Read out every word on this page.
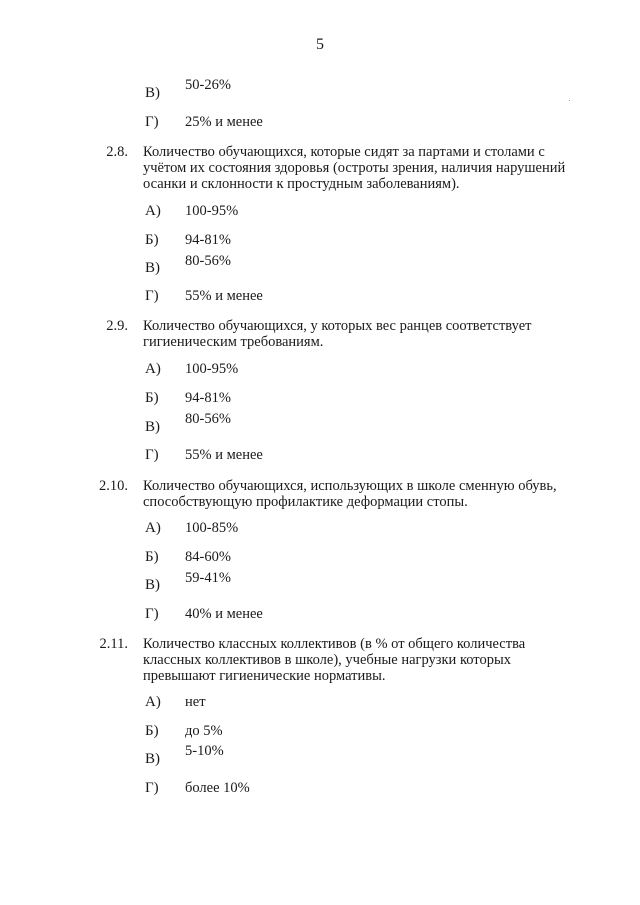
5
В) 50-26%
Г) 25% и менее
2.8. Количество обучающихся, которые сидят за партами и столами с
учётом их состояния здоровья (остроты зрения, наличия нарушений
осанки и склонности к простудным заболеваниям).
А) 100-95%
Б) 94-81%
В) 80-56%
Г) 55% и менее
2.9. Количество обучающихся, у которых вес ранцев соответствует
гигиеническим требованиям.
А) 100-95%
Б) 94-81%
В) 80-56%
Г) 55% и менее
2.10. Количество обучающихся, использующих в школе сменную обувь,
способствующую профилактике деформации стопы.
А) 100-85%
Б) 84-60%
В) 59-41%
Г) 40% и менее
2.11. Количество классных коллективов (в % от общего количества
классных коллективов в школе), учебные нагрузки которых
превышают гигиенические нормативы.
А) нет
Б) до 5%
В) 5-10%
Г) более 10%
